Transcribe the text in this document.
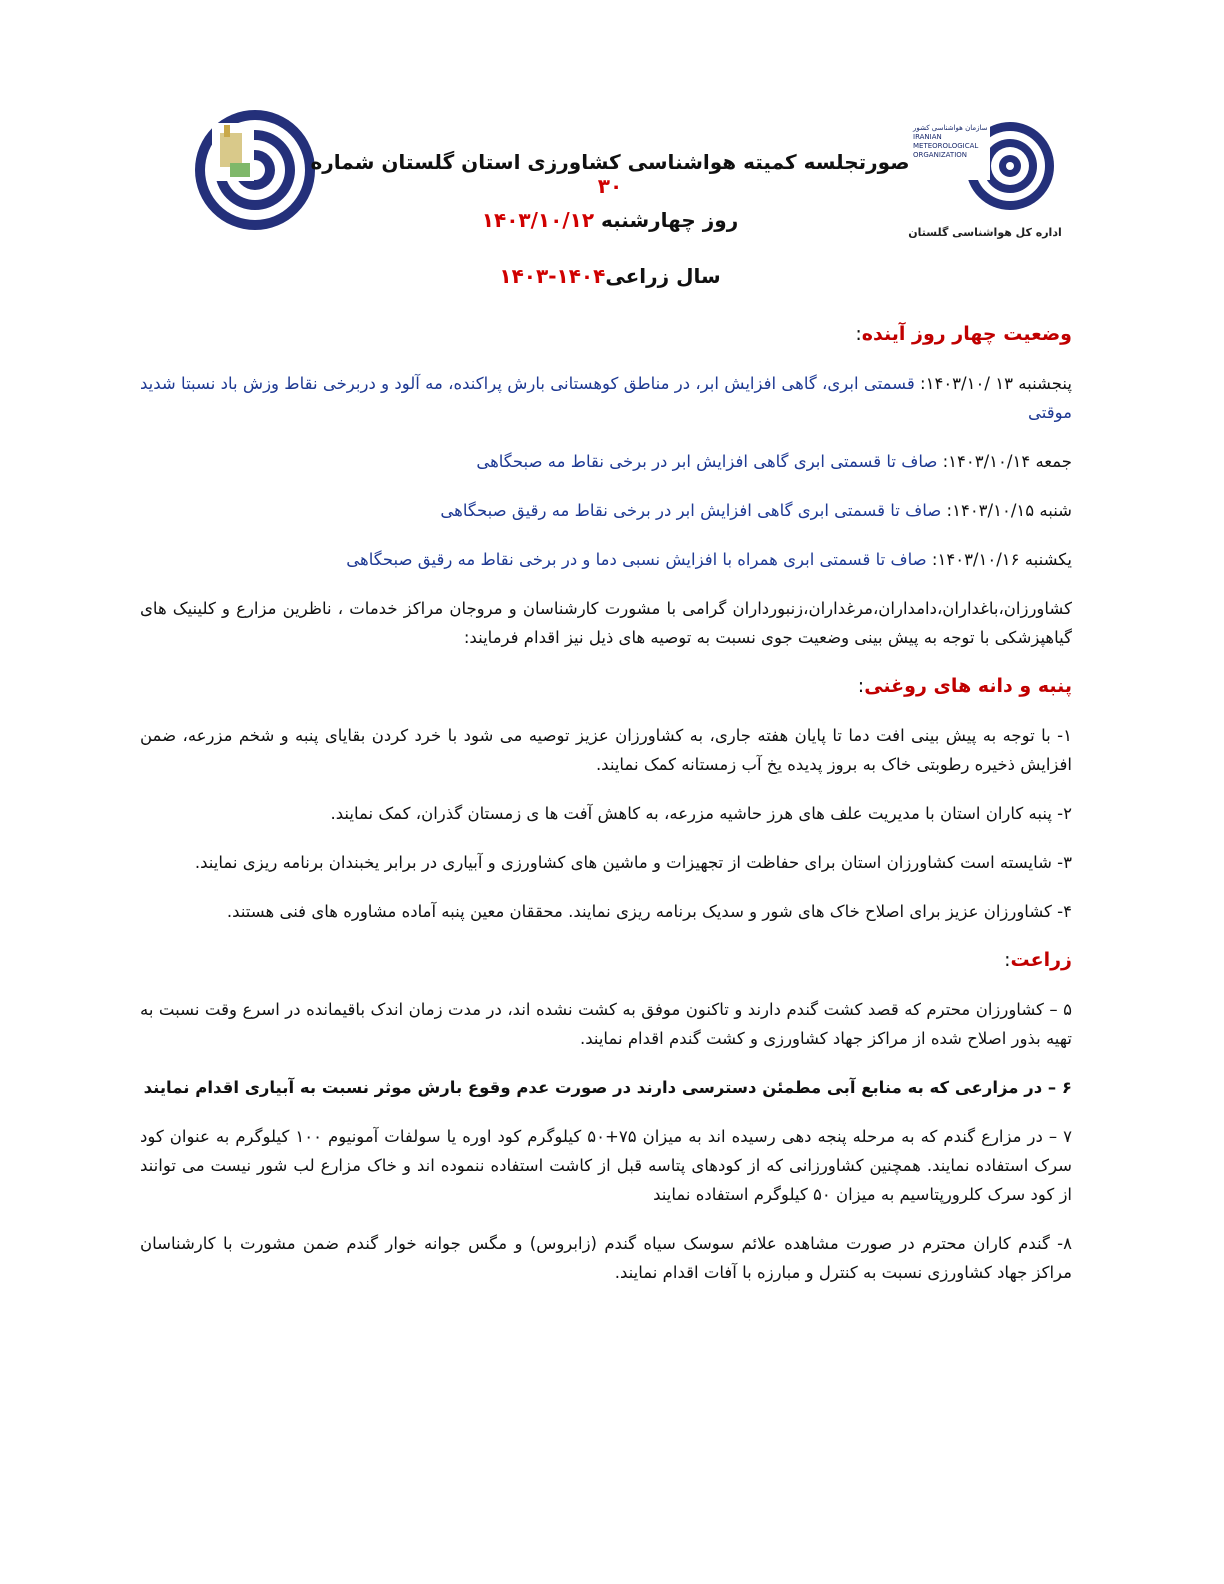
سازمان هواشناسی کشور IRANIAN METEOROLOGICAL ORGANIZATION
اداره کل هواشناسی گلستان
صورتجلسه کمیته هواشناسی کشاورزی استان گلستان شماره ۳۰
روز چهارشنبه ۱۴۰۳/۱۰/۱۲
سال زراعی۱۴۰۴-۱۴۰۳
وضعیت چهار روز آینده:
پنجشنبه ۱۳ /۱۴۰۳/۱۰: قسمتی ابری، گاهی افزایش ابر، در مناطق کوهستانی بارش پراکنده، مه آلود و دربرخی نقاط وزش باد نسبتا شدید موقتی
جمعه ۱۴۰۳/۱۰/۱۴: صاف تا قسمتی ابری گاهی افزایش ابر در برخی نقاط مه صبحگاهی
شنبه ۱۴۰۳/۱۰/۱۵: صاف تا قسمتی ابری گاهی افزایش ابر در برخی نقاط مه رقیق صبحگاهی
یکشنبه ۱۴۰۳/۱۰/۱۶: صاف تا قسمتی ابری همراه با افزایش نسبی دما و در برخی نقاط مه رقیق صبحگاهی
کشاورزان،باغداران،دامداران،مرغداران،زنبورداران گرامی با مشورت کارشناسان و مروجان مراکز خدمات ، ناظرین مزارع و کلینیک های گیاهپزشکی با توجه به پیش بینی وضعیت جوی نسبت به توصیه های ذیل نیز اقدام فرمایند:
پنبه و دانه های روغنی:
۱- با توجه به پیش بینی افت دما تا پایان هفته جاری، به کشاورزان عزیز توصیه می شود با خرد کردن بقایای پنبه و شخم مزرعه، ضمن افزایش ذخیره رطوبتی خاک به بروز پدیده یخ آب زمستانه کمک نمایند.
۲- پنبه کاران استان با مدیریت علف های هرز حاشیه مزرعه، به کاهش آفت ها ی زمستان گذران، کمک نمایند.
۳- شایسته است کشاورزان استان برای حفاظت از تجهیزات و ماشین های کشاورزی و آبیاری در برابر یخبندان برنامه ریزی نمایند.
۴- کشاورزان عزیز برای اصلاح خاک های شور و سدیک برنامه ریزی نمایند. محققان معین پنبه آماده مشاوره های فنی هستند.
زراعت:
۵ – کشاورزان محترم که قصد کشت گندم دارند و تاکنون موفق به کشت نشده اند، در مدت زمان اندک باقیمانده در اسرع وقت نسبت به تهیه بذور اصلاح شده از مراکز جهاد کشاورزی و کشت گندم اقدام نمایند.
۶ – در مزارعی که به منابع آبی مطمئن دسترسی دارند در صورت عدم وقوع بارش موثر نسبت به آبیاری اقدام نمایند
۷ – در مزارع گندم که به مرحله پنجه دهی رسیده اند به میزان ۷۵+۵۰ کیلوگرم کود اوره یا سولفات آمونیوم ۱۰۰ کیلوگرم به عنوان کود سرک استفاده نمایند. همچنین کشاورزانی که از کودهای پتاسه قبل از کاشت استفاده ننموده اند و خاک مزارع لب شور نیست می توانند از کود سرک کلرورپتاسیم به میزان ۵۰ کیلوگرم استفاده نمایند
۸- گندم کاران محترم در صورت مشاهده علائم سوسک سیاه گندم (زابروس) و مگس جوانه خوار گندم ضمن مشورت با کارشناسان مراکز جهاد کشاورزی نسبت به کنترل و مبارزه با آفات اقدام نمایند.
